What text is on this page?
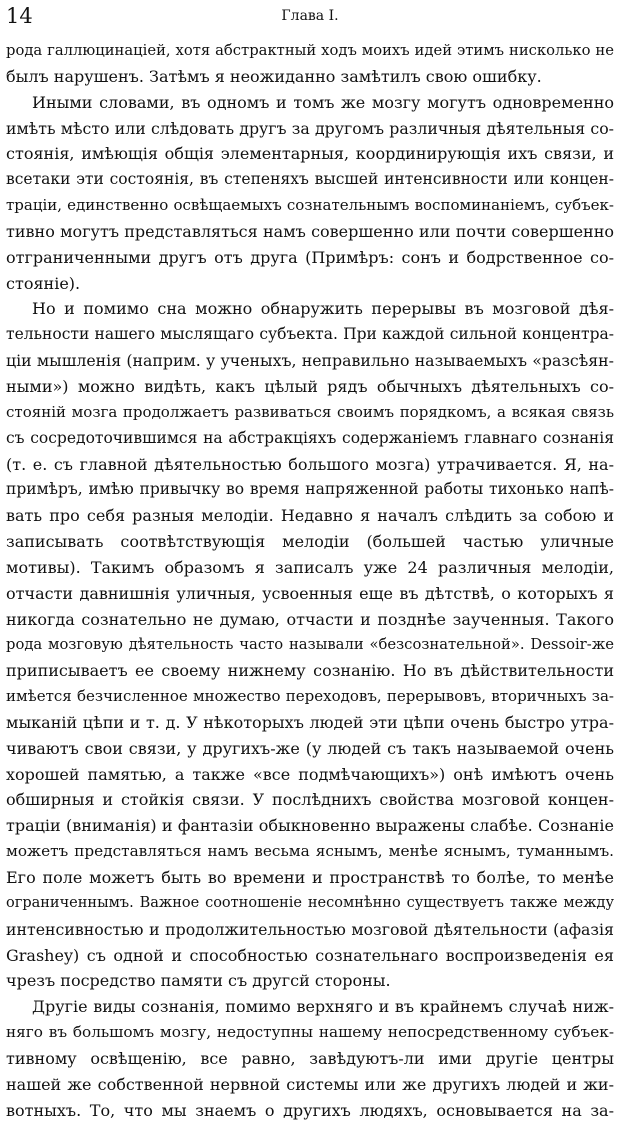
14	Глава I.
рода галлюцинацiей, хотя абстрактный ходъ моихъ идей этимъ нисколько не
былъ нарушенъ. Затѣмъ я неожиданно замѣтилъ свою ошибку.
Иными словами, въ одномъ и томъ же мозгу могутъ одновременно
имѣть мѣсто или слѣдовать другъ за другомъ различныя дѣятельныя со-
стоянiя, имѣющiя общiя элементарныя, координирующiя ихъ связи, и
всетаки эти состоянiя, въ степеняхъ высшей интенсивности или концен-
трацiи, единственно освѣщаемыхъ сознательнымъ воспоминанiемъ, субъек-
тивно могутъ представляться намъ совершенно или почти совершенно
отграниченными другъ отъ друга (Примѣръ: сонъ и бодрственное со-
стоянiе).
Но и помимо сна можно обнаружить перерывы въ мозговой дѣя-
тельности нашего мыслящаго субъекта. При каждой сильной концентра-
цiи мышленiя (наприм. у ученыхъ, неправильно называемыхъ «разсѣян-
ными») можно видѣть, какъ цѣлый рядъ обычныхъ дѣятельныхъ со-
стоянiй мозга продолжаетъ развиваться своимъ порядкомъ, а всякая связь
съ сосредоточившимся на абстракцiяхъ содержанiемъ главнаго сознанiя
(т. е. съ главной дѣятельностью большого мозга) утрачивается. Я, на-
примѣръ, имѣю привычку во время напряженной работы тихонько напѣ-
вать про себя разныя мелодiи. Недавно я началъ слѣдить за собою и
записывать соотвѣтствующiя мелодiи (большей частью уличные
мотивы). Такимъ образомъ я записалъ уже 24 различныя мелодiи,
отчасти давнишнiя уличныя, усвоенныя еще въ дѣтствѣ, о которыхъ я
никогда сознательно не думаю, отчасти и позднѣе заученныя. Такого
рода мозговую дѣятельность часто называли «безсознательной». Dessoir-же
приписываетъ ее своему нижнему сознанiю. Но въ дѣйствительности
имѣется безчисленное множество переходовъ, перерывовъ, вторичныхъ за-
мыканiй цѣпи и т. д. У нѣкоторыхъ людей эти цѣпи очень быстро утра-
чиваютъ свои связи, у другихъ-же (у людей съ такъ называемой очень
хорошей памятью, а также «все подмѣчающихъ») онѣ имѣютъ очень
обширныя и стойкiя связи. У послѣднихъ свойства мозговой концен-
трацiи (вниманiя) и фантазiи обыкновенно выражены слабѣе. Сознанiе
можетъ представляться намъ весьма яснымъ, менѣе яснымъ, туманнымъ.
Его поле можетъ быть во времени и пространствѣ то болѣе, то менѣе
ограниченнымъ. Важное соотношенiе несомнѣнно существуетъ также между
интенсивностью и продолжительностью мозговой дѣятельности (афазiя
Grashey) съ одной и способностью сознательнаго воспроизведенiя ея
чрезъ посредство памяти съ другсй стороны.
Другiе виды сознанiя, помимо верхняго и въ крайнемъ случаѣ ниж-
няго въ большомъ мозгу, недоступны нашему непосредственному субъек-
тивному освѣщенiю, все равно, завѣдуютъ-ли ими другiе центры
нашей же собственной нервной системы или же другихъ людей и жи-
вотныхъ. То, что мы знаемъ о другихъ людяхъ, основывается на за-
